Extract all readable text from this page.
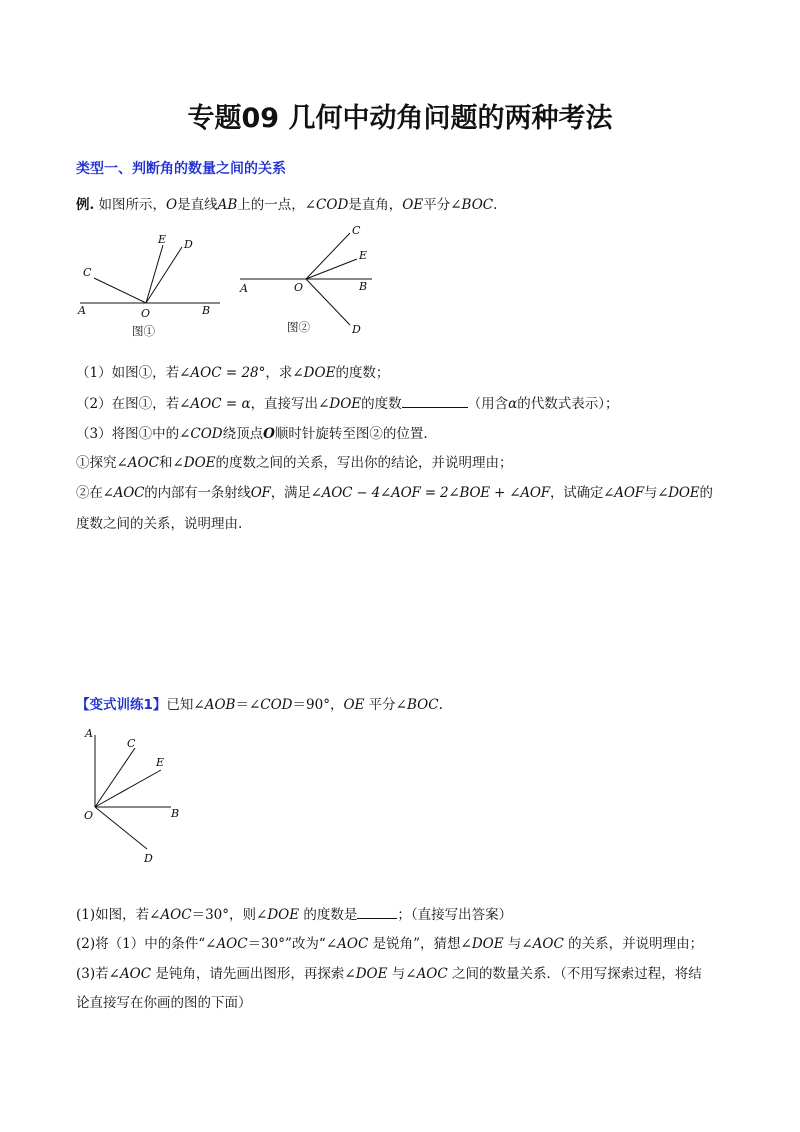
专题09 几何中动角问题的两种考法
类型一、判断角的数量之间的关系
例. 如图所示，O是直线AB上的一点，∠COD是直角，OE平分∠BOC.
A	B
C
D
E
O
图①
A	B
C
D
E
O
图②
（1）如图①，若∠AOC = 28°，求∠DOE的度数；
（2）在图①，若∠AOC = α，直接写出∠DOE的度数	（用含α的代数式表示）；
（3）将图①中的∠COD绕顶点O顺时针旋转至图②的位置.
①探究∠AOC和∠DOE的度数之间的关系，写出你的结论，并说明理由；
②在∠AOC的内部有一条射线OF，满足∠AOC − 4∠AOF = 2∠BOE + ∠AOF，试确定∠AOF与∠DOE的
度数之间的关系，说明理由.
【变式训练1】已知∠AOB＝∠COD＝90°，OE 平分∠BOC.
A
B
C
D
E
O
(1)如图，若∠AOC＝30°，则∠DOE 的度数是	；（直接写出答案）
(2)将（1）中的条件“∠AOC＝30°”改为“∠AOC 是锐角”，猜想∠DOE 与∠AOC 的关系，并说明理由；
(3)若∠AOC 是钝角，请先画出图形，再探索∠DOE 与∠AOC 之间的数量关系．（不用写探索过程，将结
论直接写在你画的图的下面）
